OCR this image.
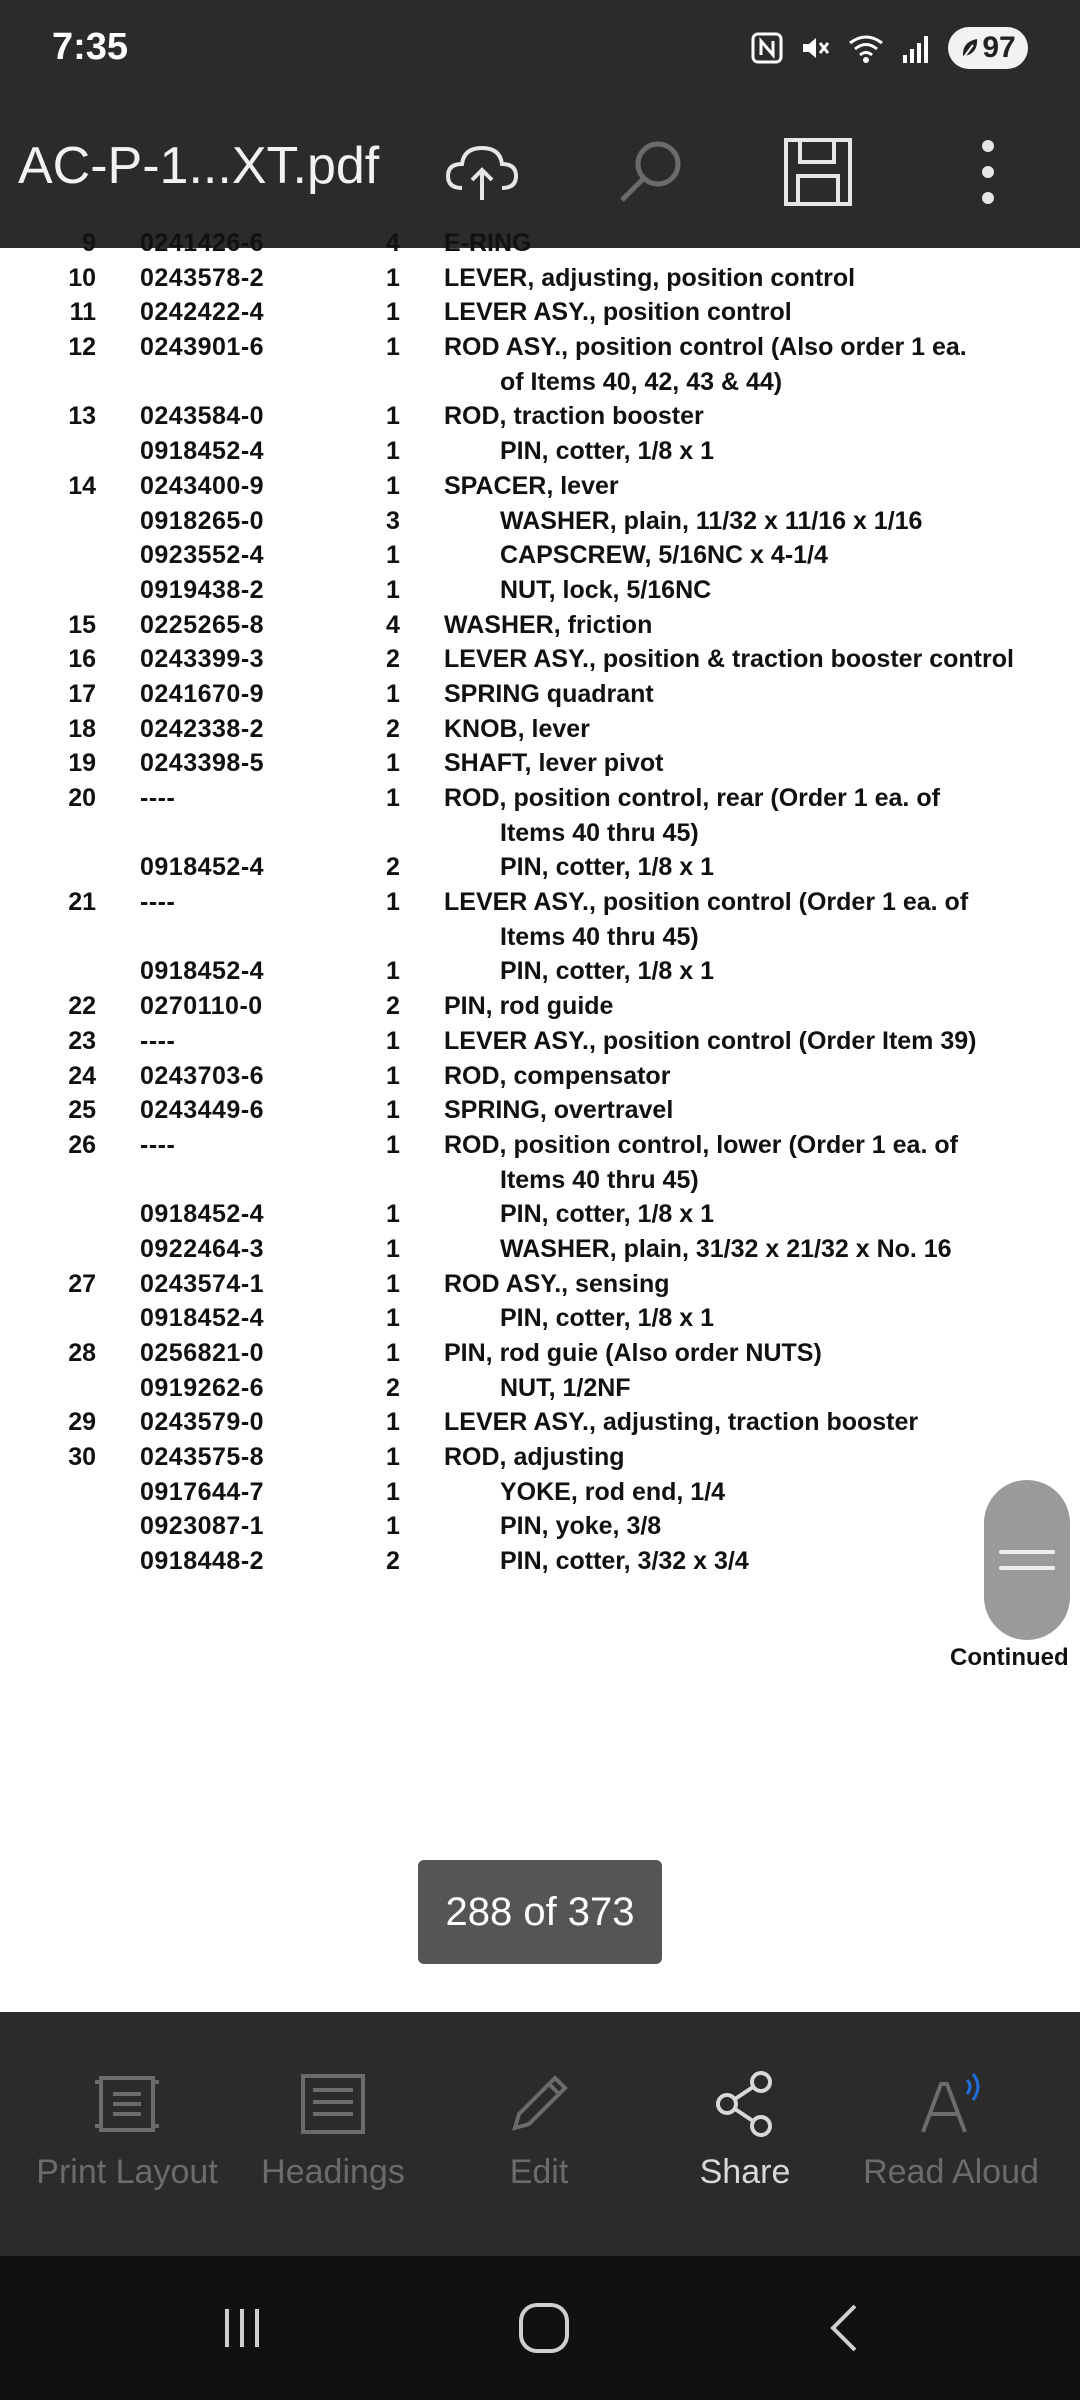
7:35	97
AC-P-1...XT.pdf
9 0241426-6	4	E-RING
10 0243578-2	1	LEVER, adjusting, position control
11 0242422-4	1	LEVER ASY., position control
12 0243901-6	1	ROD ASY., position control (Also order 1 ea.
of Items 40, 42, 43 & 44)
13 0243584-0	1	ROD, traction booster
0918452-4	1	PIN, cotter, 1/8 x 1
14 0243400-9	1	SPACER, lever
0918265-0	3	WASHER, plain, 11/32 x 11/16 x 1/16
0923552-4	1	CAPSCREW, 5/16NC x 4-1/4
0919438-2	1	NUT, lock, 5/16NC
15 0225265-8	4	WASHER, friction
16 0243399-3	2	LEVER ASY., position & traction booster control
17 0241670-9	1	SPRING quadrant
18 0242338-2	2	KNOB, lever
19 0243398-5	1	SHAFT, lever pivot
20 ----	1	ROD, position control, rear (Order 1 ea. of
Items 40 thru 45)
0918452-4	2	PIN, cotter, 1/8 x 1
21 ----	1	LEVER ASY., position control (Order 1 ea. of
Items 40 thru 45)
0918452-4	1	PIN, cotter, 1/8 x 1
22 0270110-0	2	PIN, rod guide
23 ----	1	LEVER ASY., position control (Order Item 39)
24 0243703-6	1	ROD, compensator
25 0243449-6	1	SPRING, overtravel
26 ----	1	ROD, position control, lower (Order 1 ea. of
Items 40 thru 45)
0918452-4	1	PIN, cotter, 1/8 x 1
0922464-3	1	WASHER, plain, 31/32 x 21/32 x No. 16
27 0243574-1	1	ROD ASY., sensing
0918452-4	1	PIN, cotter, 1/8 x 1
28 0256821-0	1	PIN, rod guie (Also order NUTS)
0919262-6	2	NUT, 1/2NF
29 0243579-0	1	LEVER ASY., adjusting, traction booster
30 0243575-8	1	ROD, adjusting
0917644-7	1	YOKE, rod end, 1/4
0923087-1	1	PIN, yoke, 3/8
0918448-2	2	PIN, cotter, 3/32 x 3/4
Continued
288 of 373
Print Layout Headings	Edit	Share Read Aloud
